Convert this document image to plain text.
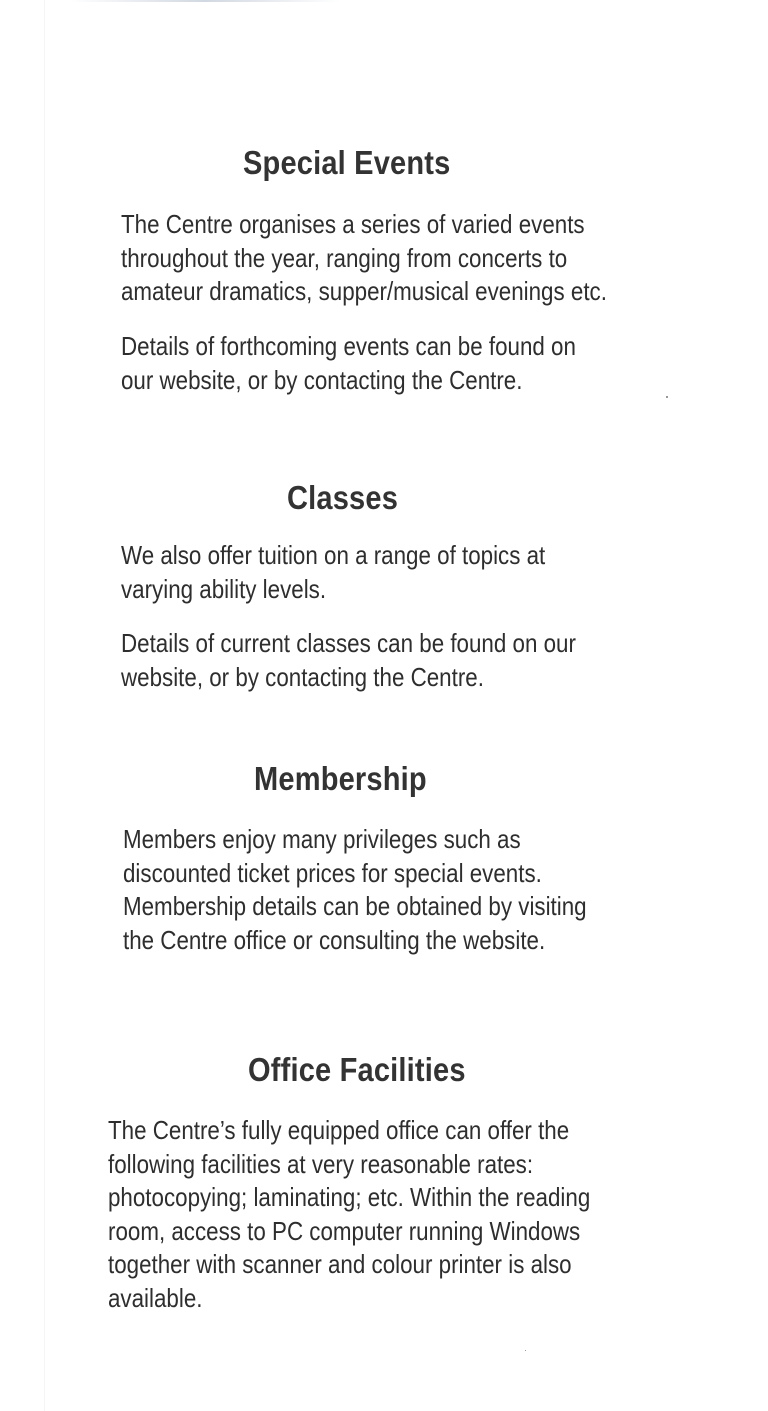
Special Events

The Centre organises a series of varied events
throughout the year, ranging from concerts to
amateur dramatics, supper/musical evenings etc.

Details of forthcoming events can be found on
our website, or by contacting the Centre.

Classes

We also offer tuition on a range of topics at
varying ability levels.

Details of current classes can be found on our
website, or by contacting the Centre.

Membership

Members enjoy many privileges such as
discounted ticket prices for special events.
Membership details can be obtained by visiting
the Centre office or consulting the website.

Office Facilities

The Centre’s fully equipped office can offer the
following facilities at very reasonable rates:
photocopying; laminating; etc. Within the reading
room, access to PC computer running Windows
together with scanner and colour printer is also
available.
